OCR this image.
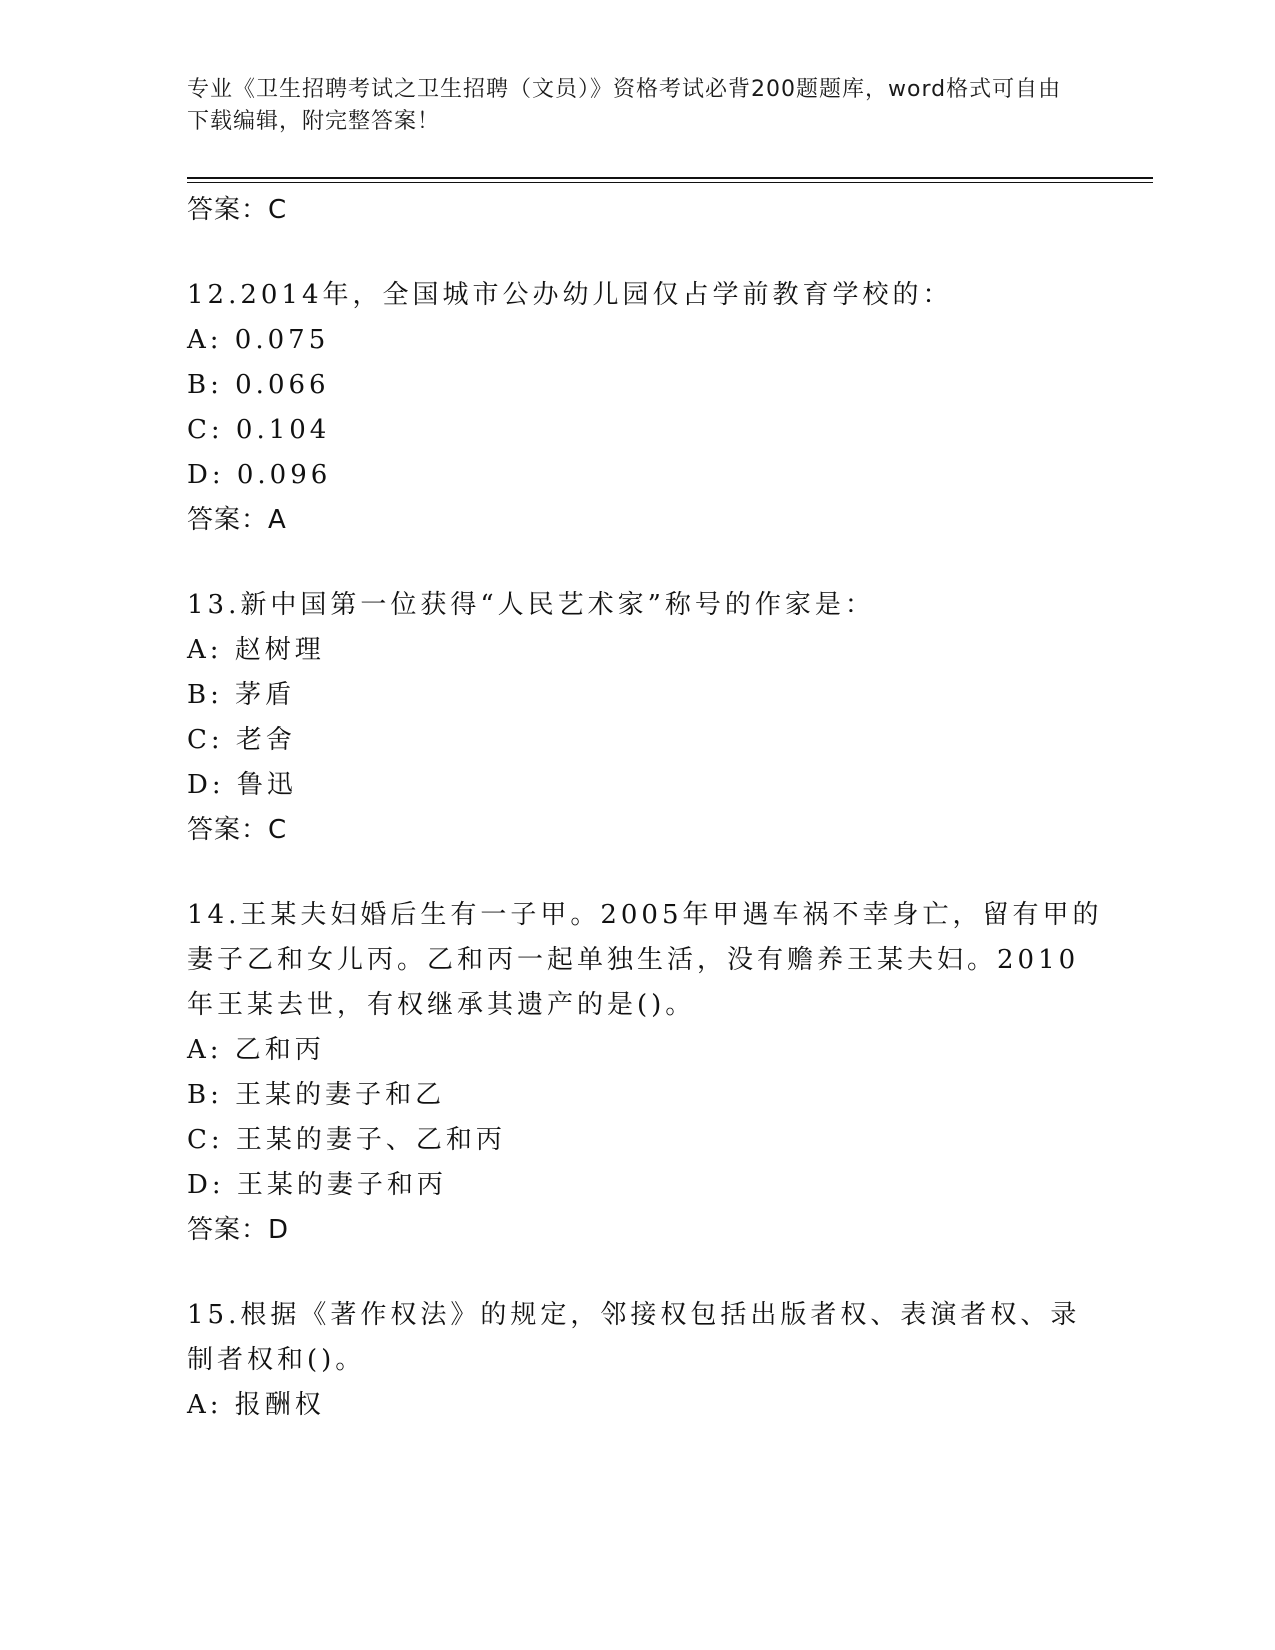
专业《卫生招聘考试之卫生招聘（文员）》资格考试必背200题题库，word格式可自由下载编辑，附完整答案！

答案：C

12.2014年，全国城市公办幼儿园仅占学前教育学校的：

A: 0.075

B: 0.066

C: 0.104

D: 0.096

答案：A

13.新中国第一位获得“人民艺术家”称号的作家是：

A: 赵树理

B: 茅盾

C: 老舍

D: 鲁迅

答案：C

14.王某夫妇婚后生有一子甲。2005年甲遇车祸不幸身亡，留有甲的妻子乙和女儿丙。乙和丙一起单独生活，没有赡养王某夫妇。2010年王某去世，有权继承其遗产的是()。

A: 乙和丙

B: 王某的妻子和乙

C: 王某的妻子、乙和丙

D: 王某的妻子和丙

答案：D

15.根据《著作权法》的规定，邻接权包括出版者权、表演者权、录制者权和()。

A: 报酬权
